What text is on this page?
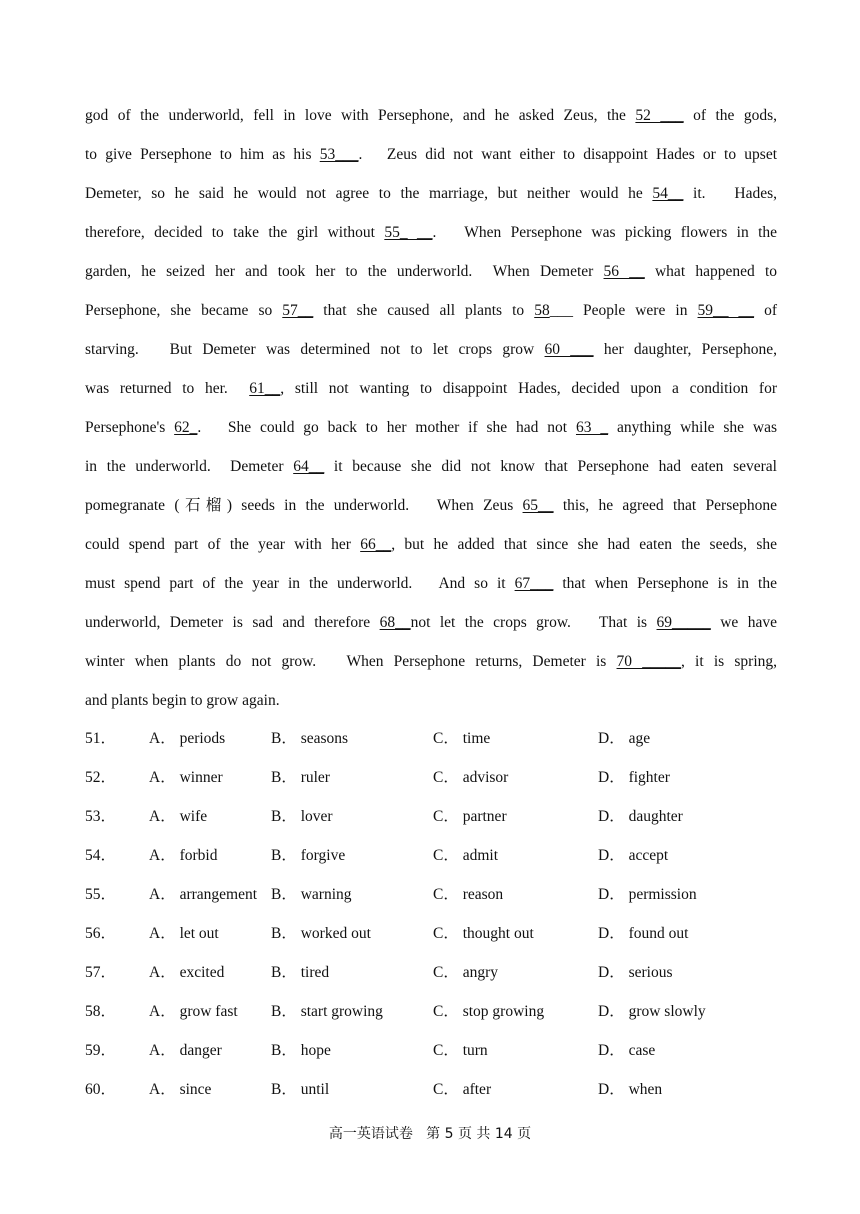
god of the underworld, fell in love with Persephone, and he asked Zeus, the 52 ___ of the gods,
to give Persephone to him as his 53___.   Zeus did not want either to disappoint Hades or to upset
Demeter, so he said he would not agree to the marriage, but neither would he 54__ it.   Hades,
therefore, decided to take the girl without 55_ __.   When Persephone was picking flowers in the
garden, he seized her and took her to the underworld.  When Demeter 56 __ what happened to
Persephone, she became so 57__ that she caused all plants to 58___ People were in 59__ __ of
starving.   But Demeter was determined not to let crops grow 60 ___ her daughter, Persephone,
was returned to her.  61__, still not wanting to disappoint Hades, decided upon a condition for
Persephone's 62_.   She could go back to her mother if she had not 63 _ anything while she was
in the underworld.  Demeter 64__ it because she did not know that Persephone had eaten several
pomegranate (石榴) seeds in the underworld.   When Zeus 65__ this, he agreed that Persephone
could spend part of the year with her 66__, but he added that since she had eaten the seeds, she
must spend part of the year in the underworld.   And so it 67___ that when Persephone is in the
underworld, Demeter is sad and therefore 68__not let the crops grow.   That is 69_____ we have
winter when plants do not grow.   When Persephone returns, Demeter is 70 _____, it is spring,
and plants begin to grow again.
51． A． periods	B． seasons	C． time	D． age
52． A． winner	B． ruler	C． advisor	D． fighter
53． A． wife	B． lover	C． partner	D． daughter
54． A． forbid	B． forgive	C． admit	D． accept
55． A． arrangement B． warning	C． reason	D． permission
56． A． let out	B． worked out	C． thought out	D． found out
57． A． excited	B． tired	C． angry	D． serious
58． A． grow fast B． start growing	C． stop growing	D． grow slowly
59． A． danger	B． hope	C． turn	D． case
60． A． since	B． until	C． after	D． when
高一英语试卷   第 5 页 共 14 页
